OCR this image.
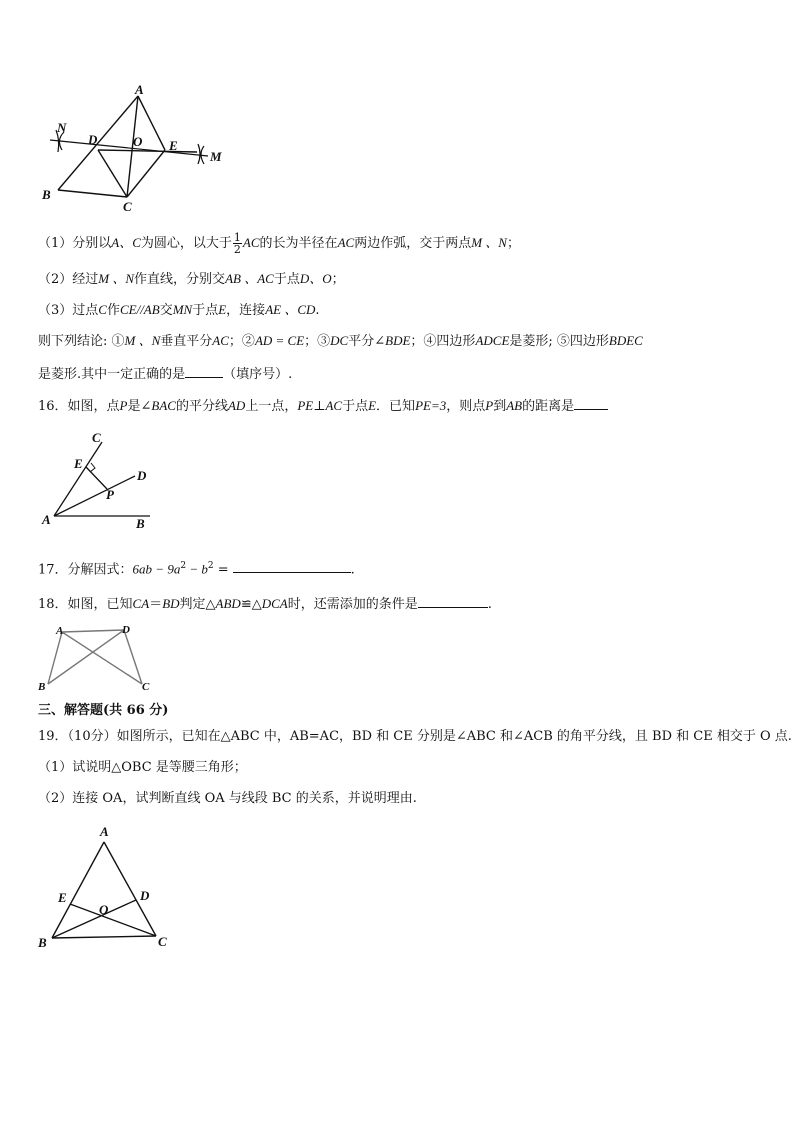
A
N
D	O E
M
B
C
（1）分别以A、C为圆心，以大于 $\frac{1}{2}$ AC的长为半径在AC两边作弧，交于两点M 、N；
（2）经过M 、N作直线，分别交AB 、AC于点D、O；
（3）过点C作CE//AB交MN于点E，连接AE 、CD.
则下列结论: ①M 、N垂直平分AC；②AD = CE；③DC平分∠BDE；④四边形ADCE是菱形; ⑤四边形BDEC
是菱形.其中一定正确的是	（填序号）.
16．如图，点P是∠BAC的平分线AD上一点，PE⊥AC于点E．已知PE=3，则点P到AB的距离是
C
E
D
P
A	B
17．分解因式：$6ab - 9a^2 - b^2$ =	.
18．如图，已知CA＝BD判定△ABD≌△DCA时，还需添加的条件是	.
A	D
B	C
三、解答题(共 66 分)
19．（10分）如图所示，已知在△ABC 中，AB=AC，BD 和 CE 分别是∠ABC 和∠ACB 的角平分线，且 BD 和 CE 相交于 O 点.
（1）试说明△OBC 是等腰三角形；
（2）连接 OA，试判断直线 OA 与线段 BC 的关系，并说明理由.
A
E	D
O
B	C
